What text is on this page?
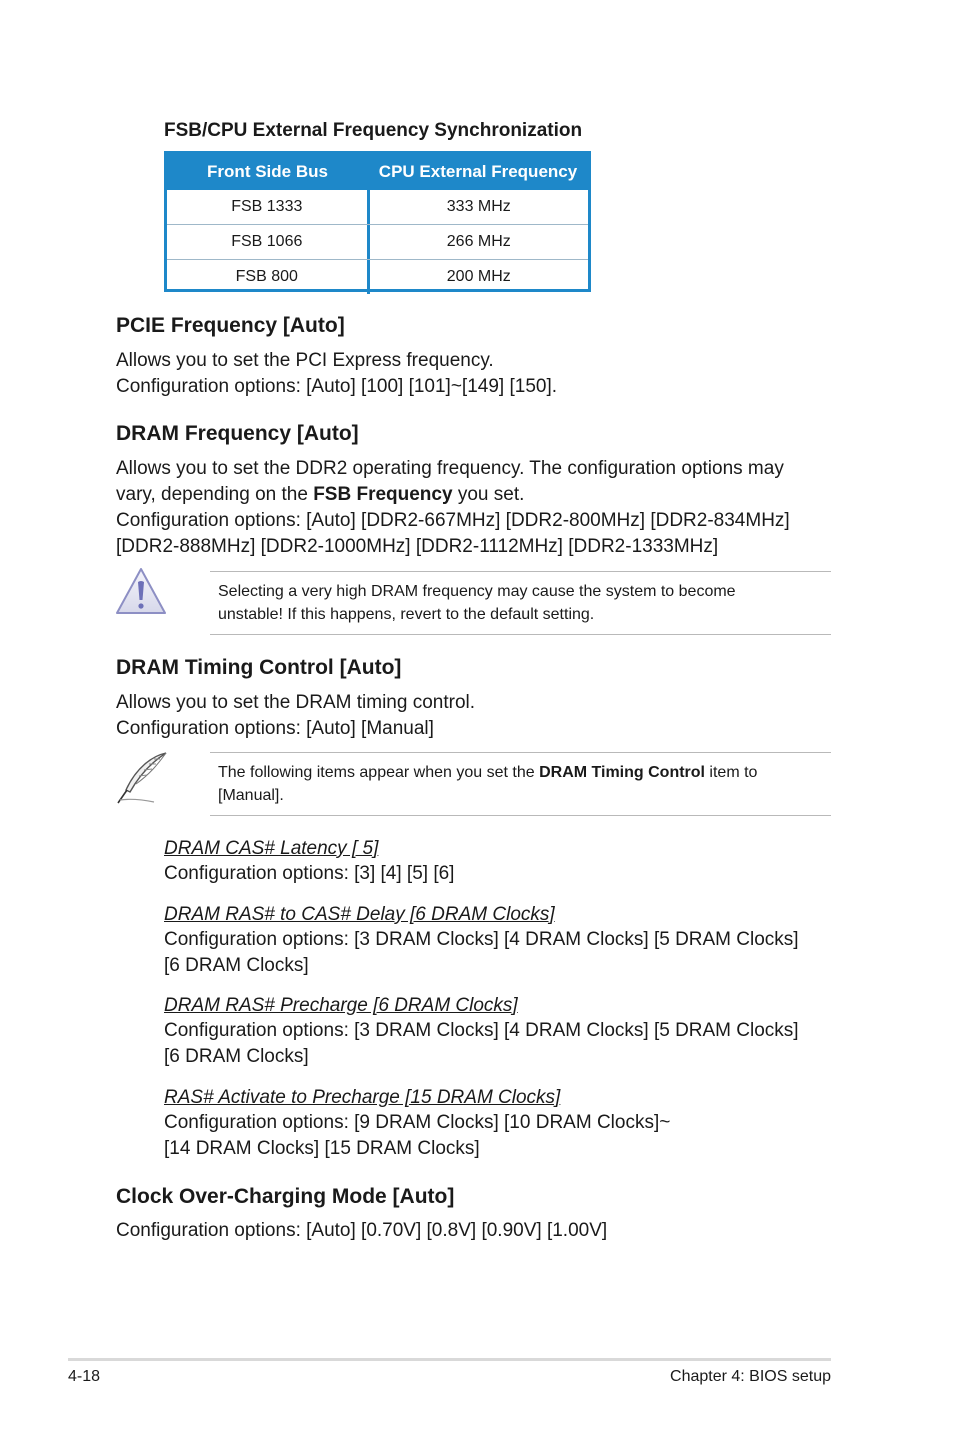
FSB/CPU External Frequency Synchronization
Front Side Bus	CPU External Frequency
FSB 1333	333 MHz
FSB 1066	266 MHz
FSB 800	200 MHz
PCIE Frequency [Auto]
Allows you to set the PCI Express frequency.
Configuration options: [Auto] [100] [101]~[149] [150].
DRAM Frequency [Auto]
Allows you to set the DDR2 operating frequency. The configuration options may
vary, depending on the FSB Frequency you set.
Configuration options: [Auto] [DDR2-667MHz] [DDR2-800MHz] [DDR2-834MHz]
[DDR2-888MHz] [DDR2-1000MHz] [DDR2-1112MHz] [DDR2-1333MHz]
Selecting a very high DRAM frequency may cause the system to become
unstable! If this happens, revert to the default setting.
DRAM Timing Control [Auto]
Allows you to set the DRAM timing control.
Configuration options: [Auto] [Manual]
The following items appear when you set the DRAM Timing Control item to
[Manual].
DRAM CAS# Latency [ 5]
Configuration options: [3] [4] [5] [6]
DRAM RAS# to CAS# Delay [6 DRAM Clocks]
Configuration options: [3 DRAM Clocks] [4 DRAM Clocks] [5 DRAM Clocks]
[6 DRAM Clocks]
DRAM RAS# Precharge [6 DRAM Clocks]
Configuration options: [3 DRAM Clocks] [4 DRAM Clocks] [5 DRAM Clocks]
[6 DRAM Clocks]
RAS# Activate to Precharge [15 DRAM Clocks]
Configuration options: [9 DRAM Clocks] [10 DRAM Clocks]~
[14 DRAM Clocks] [15 DRAM Clocks]
Clock Over-Charging Mode [Auto]
Configuration options: [Auto] [0.70V] [0.8V] [0.90V] [1.00V]
4-18	Chapter 4: BIOS setup
